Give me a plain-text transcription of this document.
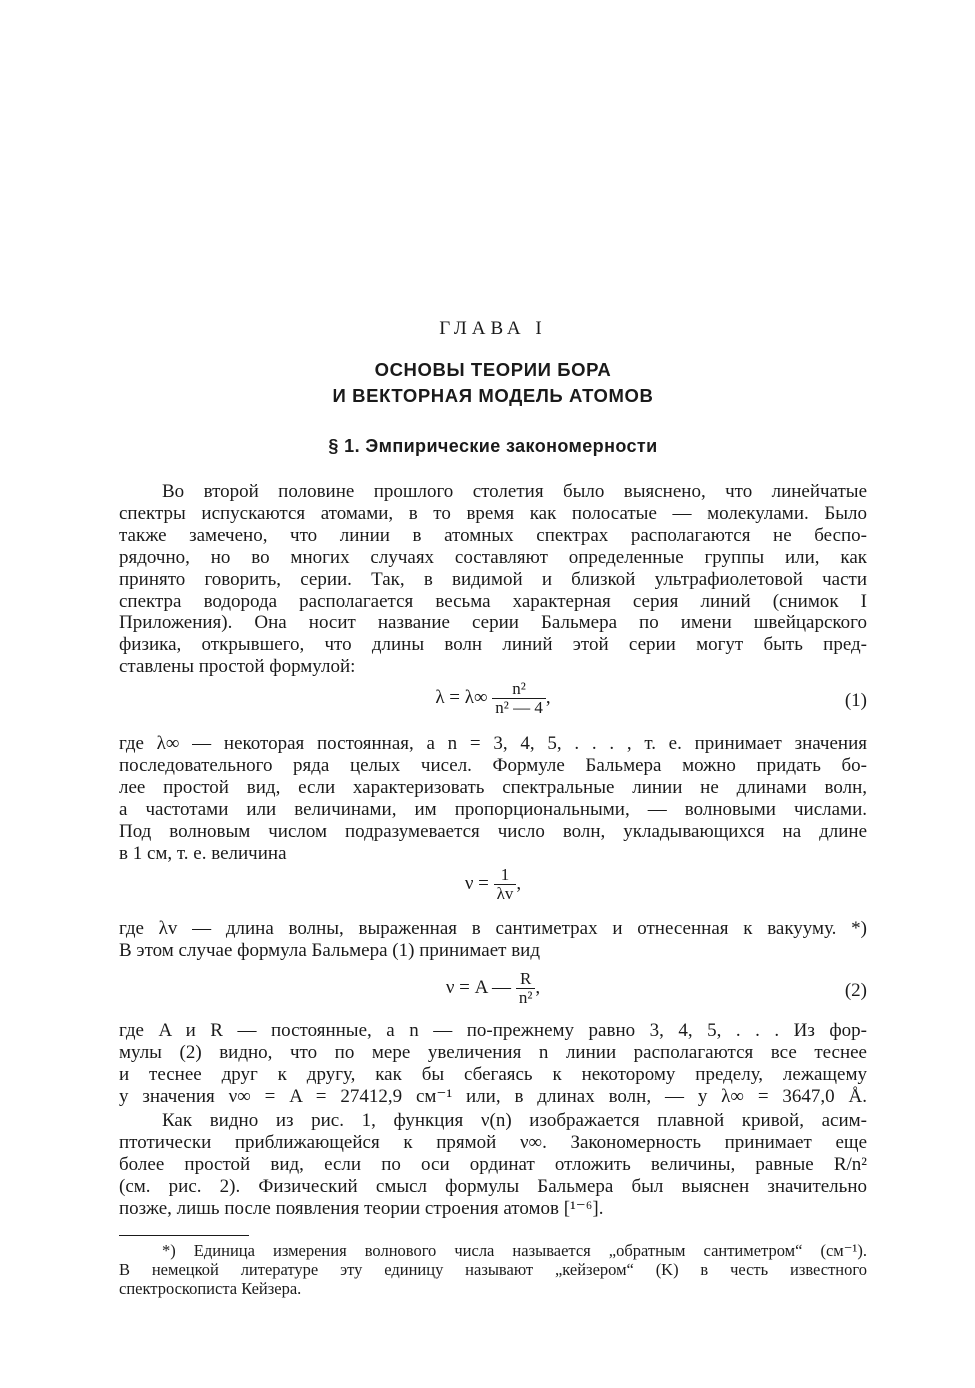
ГЛАВА I
ОСНОВЫ ТЕОРИИ БОРА
И ВЕКТОРНАЯ МОДЕЛЬ АТОМОВ
§ 1. Эмпирические закономерности

Во второй половине прошлого столетия было выяснено, что линейчатые
спектры испускаются атомами, в то время как полосатые — молекулами. Было
также замечено, что линии в атомных спектрах располагаются не беспо-
рядочно, но во многих случаях составляют определенные группы или, как
принято говорить, серии. Так, в видимой и близкой ультрафиолетовой части
спектра водорода располагается весьма характерная серия линий (снимок I
Приложения). Она носит название серии Бальмера по имени швейцарского
физика, открывшего, что длины волн линий этой серии могут быть пред-
ставлены простой формулой:

$\lambda = \lambda\infty \frac{\text{n²}}{\text{n² — 4}}$ ,	(1)

где λ∞ — некоторая постоянная, а n = 3, 4, 5, . . . , т. е. принимает значения
последовательного ряда целых чисел. Формуле Бальмера можно придать бо-
лее простой вид, если характеризовать спектральные линии не длинами волн,
а частотами или величинами, им пропорциональными, — волновыми числами.
Под волновым числом подразумевается число волн, укладывающихся на длине
в 1 см, т. е. величина

$\nu = \frac{1}{\lambda v}$ ,

где λv — длина волны, выраженная в сантиметрах и отнесенная к вакууму. *)
В этом случае формула Бальмера (1) принимает вид

ν = A — $\frac{R}{\text{n²}}$ ,	(2)

где A и R — постоянные, а n — по-прежнему равно 3, 4, 5, . . . Из фор-
мулы (2) видно, что по мере увеличения n линии располагаются все теснее
и теснее друг к другу, как бы сбегаясь к некоторому пределу, лежащему
у значения ν∞ = A = 27412,9 см⁻¹ или, в длинах волн, — у λ∞ = 3647,0 Å.

Как видно из рис. 1, функция ν(n) изображается плавной кривой, асим-
птотически приближающейся к прямой ν∞. Закономерность принимает еще
более простой вид, если по оси ординат отложить величины, равные R/n²
(см. рис. 2). Физический смысл формулы Бальмера был выяснен значительно
позже, лишь после появления теории строения атомов [¹⁻⁶].

*) Единица измерения волнового числа называется „обратным сантиметром“ (см⁻¹).
В немецкой литературе эту единицу называют „кейзером“ (K) в честь известного
спектроскописта Кейзера.
